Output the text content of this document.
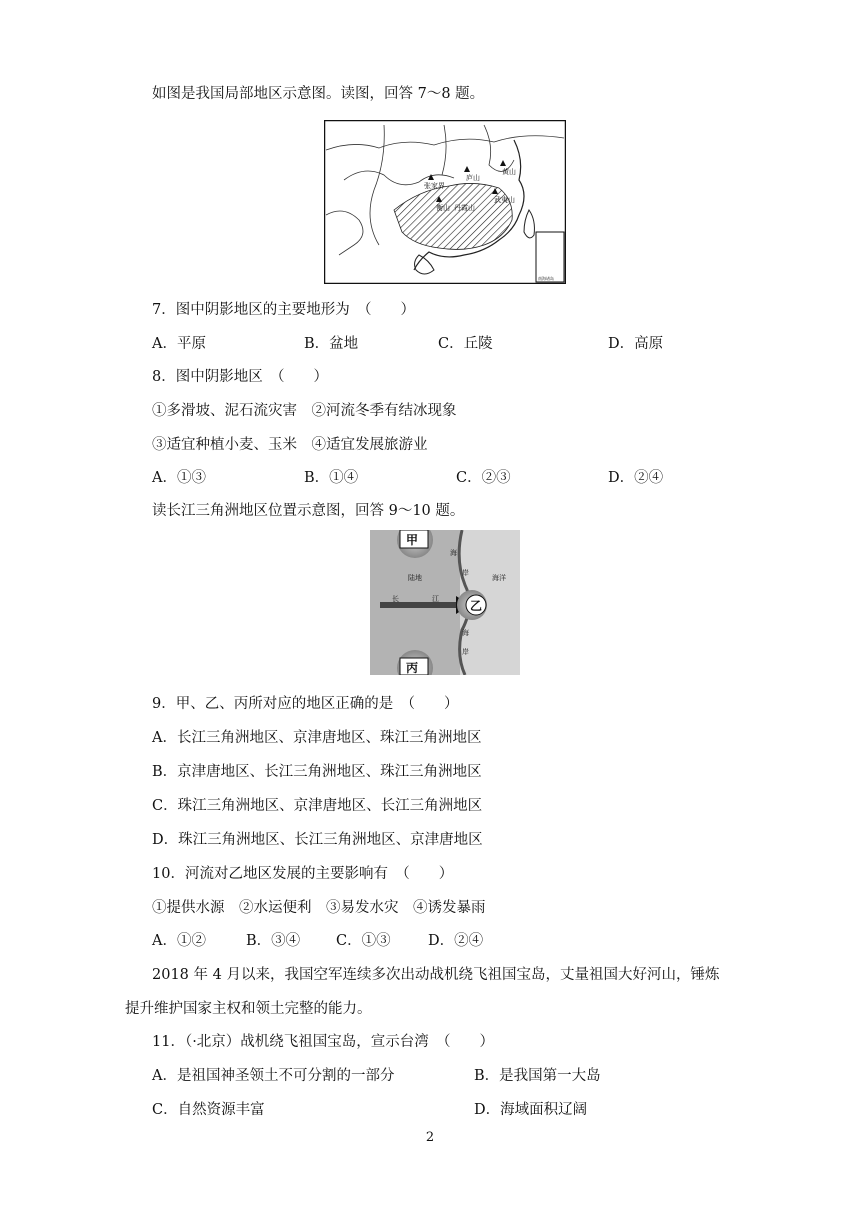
如图是我国局部地区示意图。读图，回答 7～8 题。
张家界
庐山
黄山
衡山 丹霞山
武夷山
南海诸岛
7．图中阴影地区的主要地形为　（　　）
A．平原	B．盆地	C．丘陵	D．高原
8．图中阴影地区　（　　）
①多滑坡、泥石流灾害　②河流冬季有结冰现象
③适宜种植小麦、玉米　④适宜发展旅游业
A．①③	B．①④	C．②③	D．②④
读长江三角洲地区位置示意图，回答 9～10 题。
甲
乙
丙
陆地	海洋
海
岸
海
岸
长	江
9．甲、乙、丙所对应的地区正确的是　（　　）
A．长江三角洲地区、京津唐地区、珠江三角洲地区
B．京津唐地区、长江三角洲地区、珠江三角洲地区
C．珠江三角洲地区、京津唐地区、长江三角洲地区
D．珠江三角洲地区、长江三角洲地区、京津唐地区
10．河流对乙地区发展的主要影响有　（　　）
①提供水源　②水运便利　③易发水灾　④诱发暴雨
A．①②	B．③④ C．①③	D．②④
2018 年 4 月以来，我国空军连续多次出动战机绕飞祖国宝岛，丈量祖国大好河山，锤炼
提升维护国家主权和领土完整的能力。
11．（·北京）战机绕飞祖国宝岛，宣示台湾　（　　）
A．是祖国神圣领土不可分割的一部分	B．是我国第一大岛
C．自然资源丰富	D．海域面积辽阔
2
